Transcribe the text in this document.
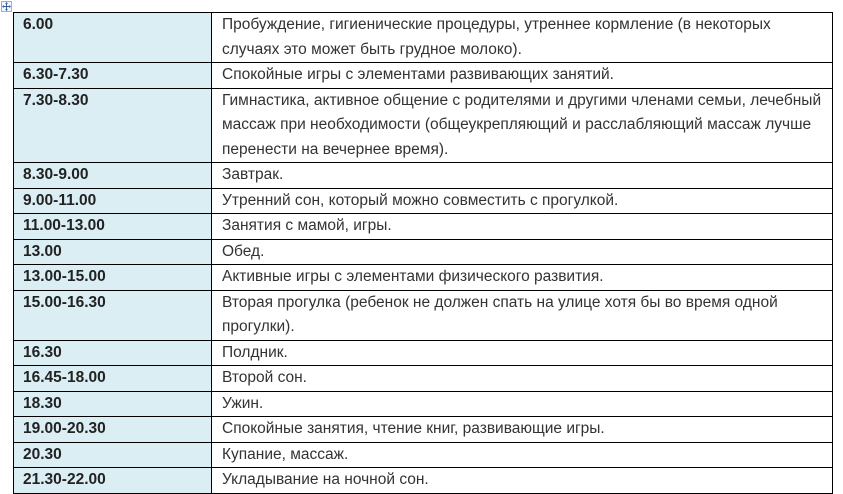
6.00	Пробуждение, гигиенические процедуры, утреннее кормление (в некоторых случаях это может быть грудное молоко).
6.30-7.30	Спокойные игры с элементами развивающих занятий.
7.30-8.30	Гимнастика, активное общение с родителями и другими членами семьи, лечебный массаж при необходимости (общеукрепляющий и расслабляющий массаж лучше перенести на вечернее время).
8.30-9.00	Завтрак.
9.00-11.00	Утренний сон, который можно совместить с прогулкой.
11.00-13.00	Занятия с мамой, игры.
13.00	Обед.
13.00-15.00	Активные игры с элементами физического развития.
15.00-16.30	Вторая прогулка (ребенок не должен спать на улице хотя бы во время одной прогулки).
16.30	Полдник.
16.45-18.00	Второй сон.
18.30	Ужин.
19.00-20.30	Спокойные занятия, чтение книг, развивающие игры.
20.30	Купание, массаж.
21.30-22.00	Укладывание на ночной сон.
